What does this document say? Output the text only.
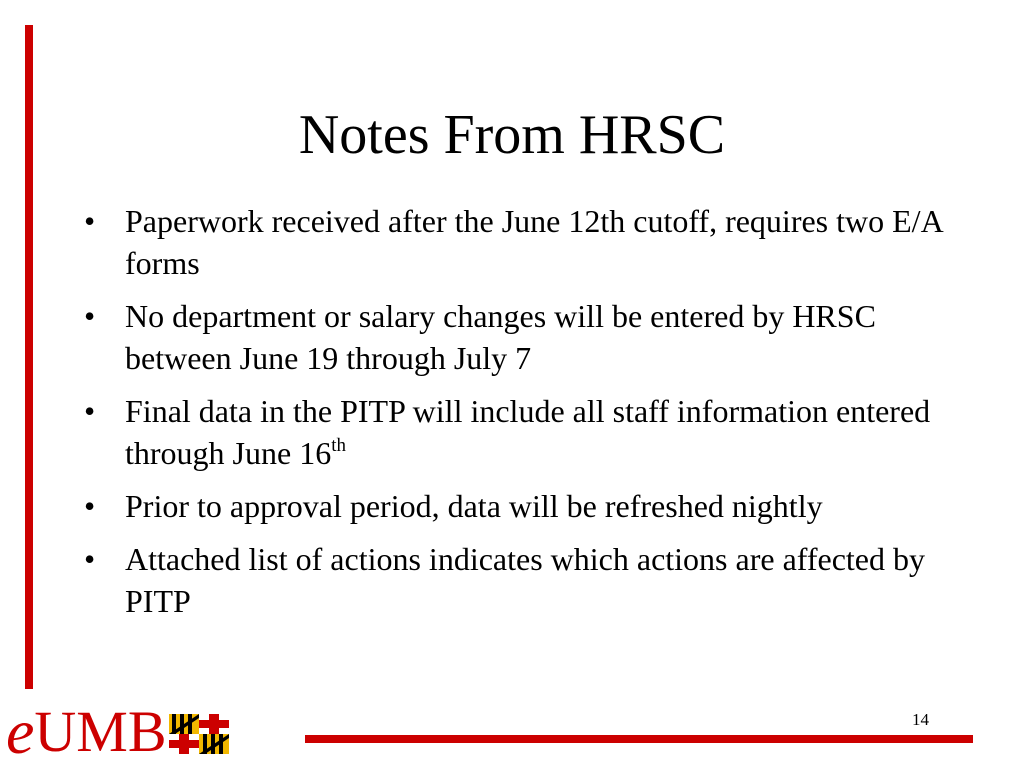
Notes From HRSC
• Paperwork received after the June 12th cutoff, requires two E/A forms
• No department or salary changes will be entered by HRSC between June 19 through July 7
• Final data in the PITP will include all staff information entered through June 16th
• Prior to approval period, data will be refreshed nightly
• Attached list of actions indicates which actions are affected by PITP
e UMB	14
